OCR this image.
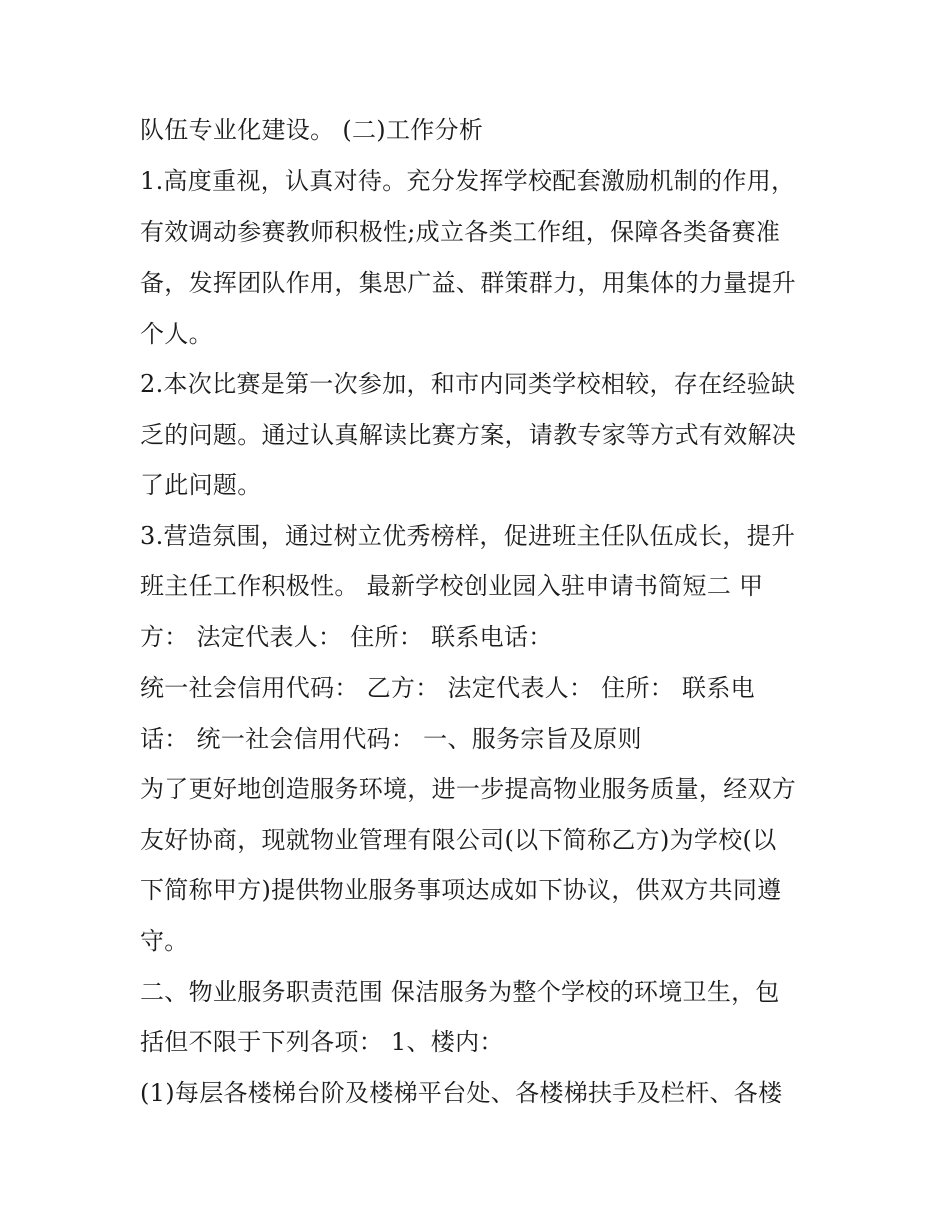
队伍专业化建设。 (二)工作分析
1.高度重视，认真对待。充分发挥学校配套激励机制的作用，
有效调动参赛教师积极性;成立各类工作组，保障各类备赛准
备，发挥团队作用，集思广益、群策群力，用集体的力量提升
个人。
2.本次比赛是第一次参加，和市内同类学校相较，存在经验缺
乏的问题。通过认真解读比赛方案，请教专家等方式有效解决
了此问题。
3.营造氛围，通过树立优秀榜样，促进班主任队伍成长，提升
班主任工作积极性。 最新学校创业园入驻申请书简短二 甲
方： 法定代表人： 住所： 联系电话：
统一社会信用代码： 乙方： 法定代表人： 住所： 联系电
话： 统一社会信用代码： 一、服务宗旨及原则
为了更好地创造服务环境，进一步提高物业服务质量，经双方
友好协商，现就物业管理有限公司(以下简称乙方)为学校(以
下简称甲方)提供物业服务事项达成如下协议，供双方共同遵
守。
二、物业服务职责范围 保洁服务为整个学校的环境卫生，包
括但不限于下列各项： 1、楼内：
(1)每层各楼梯台阶及楼梯平台处、各楼梯扶手及栏杆、各楼
